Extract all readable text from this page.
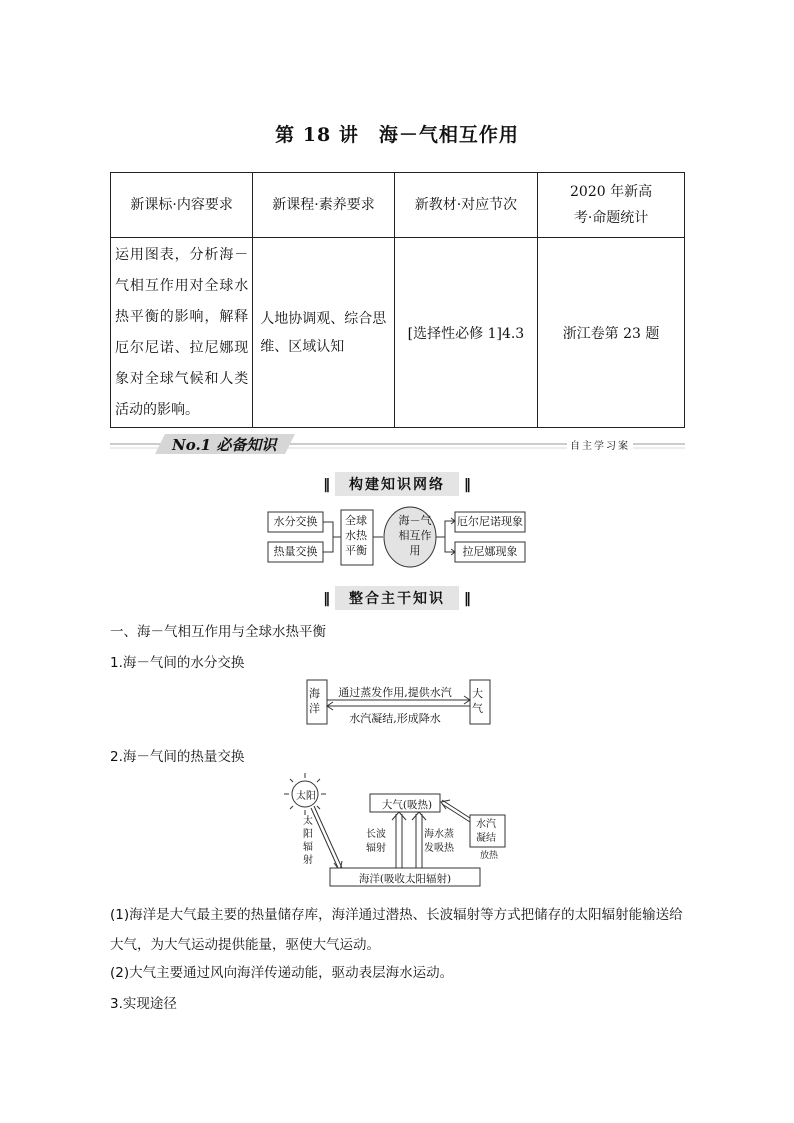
第 18 讲　海－气相互作用
新课标·内容要求	新课程·素养要求	新教材·对应节次	2020 年新高考·命题统计

运用图表，分析海－气相互作用对全球水热平衡的影响，解释厄尔尼诺、拉尼娜现象对全球气候和人类活动的影响。	人地协调观、综合思维、区域认知	[选择性必修 1]4.3	浙江卷第 23 题
No.1 必备知识	自主学习案
‖ 构建知识网络 ‖
水分交换
热量交换
全球水热平衡
海－气相互作用
厄尔尼诺现象
拉尼娜现象
‖ 整合主干知识 ‖
一、海－气相互作用与全球水热平衡
1.海－气间的水分交换
海洋
大气
通过蒸发作用,提供水汽
水汽凝结,形成降水
2.海－气间的热量交换
太阳
太阳辐射
大气(吸热)
长波辐射
海水蒸发吸热
水汽凝结
放热
海洋(吸收太阳辐射)
(1)海洋是大气最主要的热量储存库，海洋通过潜热、长波辐射等方式把储存的太阳辐射能输送给大气，为大气运动提供能量，驱使大气运动。
(2)大气主要通过风向海洋传递动能，驱动表层海水运动。
3.实现途径
